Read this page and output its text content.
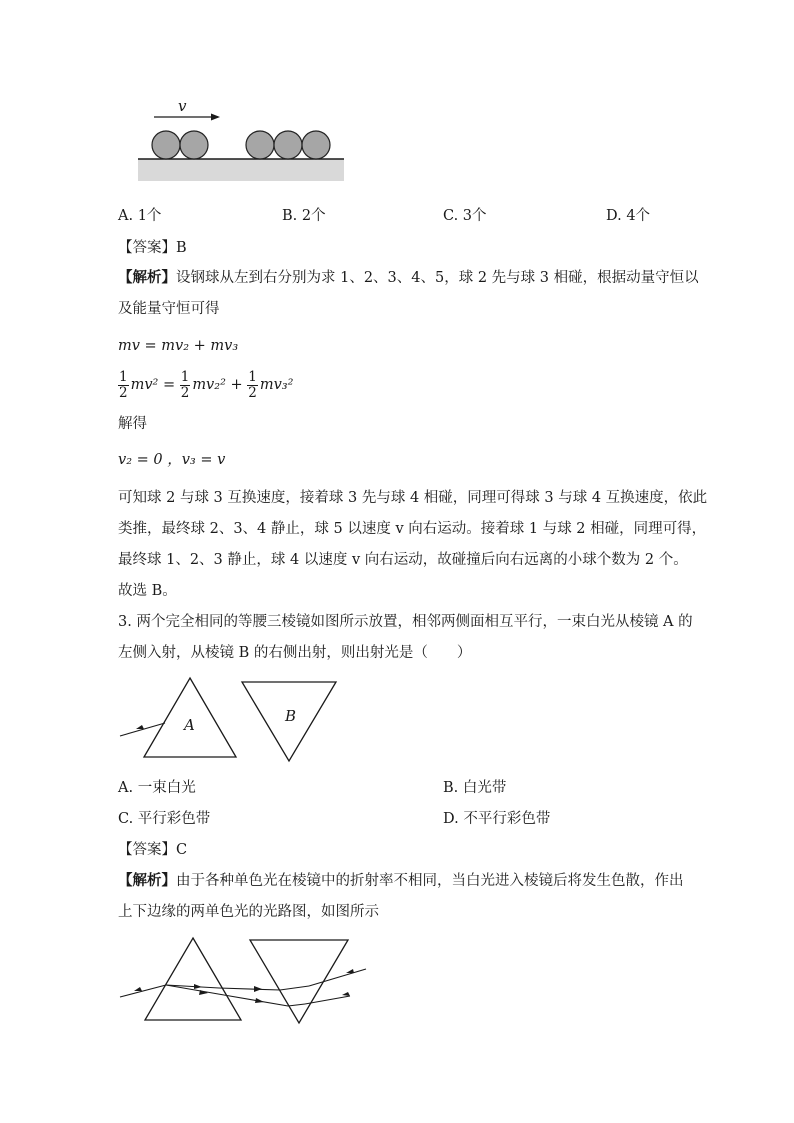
v
A. 1个	B. 2个	C. 3个	D. 4个
【答案】B
【解析】设钢球从左到右分别为求 1、2、3、4、5，球 2 先与球 3 相碰，根据动量守恒以
及能量守恒可得
mv = mv₂ + mv₃
$\frac{1}{2} mv^2 = \frac{1}{2} mv_2^2 + \frac{1}{2} mv_3^2$
解得
v₂ = 0 ，v₃ = v
可知球 2 与球 3 互换速度，接着球 3 先与球 4 相碰，同理可得球 3 与球 4 互换速度，依此
类推，最终球 2、3、4 静止，球 5 以速度 v 向右运动。接着球 1 与球 2 相碰，同理可得，
最终球 1、2、3 静止，球 4 以速度 v 向右运动，故碰撞后向右远离的小球个数为 2 个。
故选 B。
3. 两个完全相同的等腰三棱镜如图所示放置，相邻两侧面相互平行，一束白光从棱镜 A 的
左侧入射，从棱镜 B 的右侧出射，则出射光是（　　）
A	B
A. 一束白光	B. 白光带
C. 平行彩色带	D. 不平行彩色带
【答案】C
【解析】由于各种单色光在棱镜中的折射率不相同，当白光进入棱镜后将发生色散，作出
上下边缘的两单色光的光路图，如图所示
